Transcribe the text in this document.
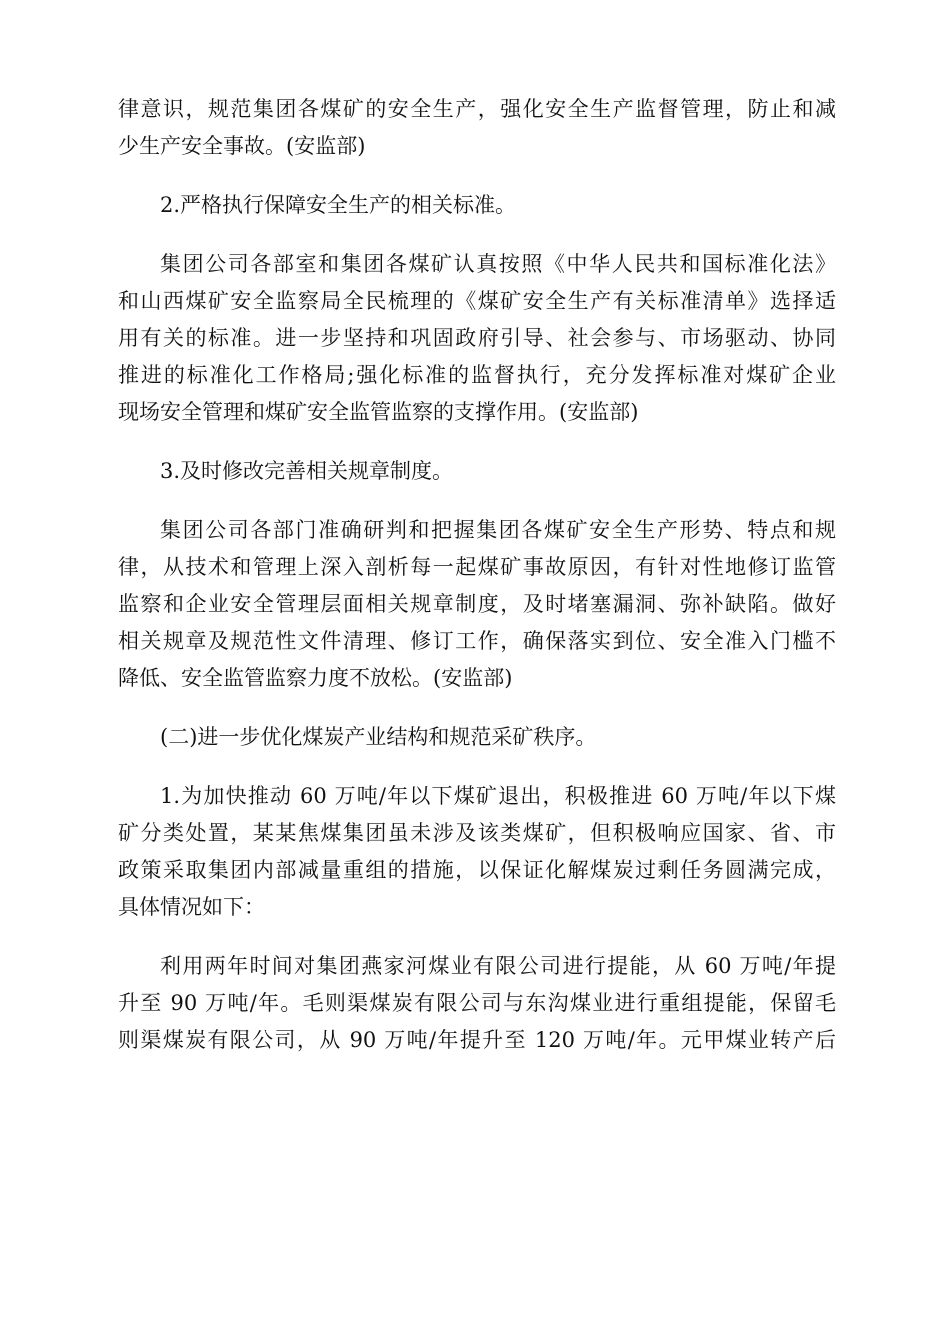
律意识，规范集团各煤矿的安全生产，强化安全生产监督管理，防止和减
少生产安全事故。(安监部)

2.严格执行保障安全生产的相关标准。

集团公司各部室和集团各煤矿认真按照《中华人民共和国标准化法》
和山西煤矿安全监察局全民梳理的《煤矿安全生产有关标准清单》选择适
用有关的标准。进一步坚持和巩固政府引导、社会参与、市场驱动、协同
推进的标准化工作格局;强化标准的监督执行，充分发挥标准对煤矿企业
现场安全管理和煤矿安全监管监察的支撑作用。(安监部)

3.及时修改完善相关规章制度。

集团公司各部门准确研判和把握集团各煤矿安全生产形势、特点和规
律，从技术和管理上深入剖析每一起煤矿事故原因，有针对性地修订监管
监察和企业安全管理层面相关规章制度，及时堵塞漏洞、弥补缺陷。做好
相关规章及规范性文件清理、修订工作，确保落实到位、安全准入门槛不
降低、安全监管监察力度不放松。(安监部)

(二)进一步优化煤炭产业结构和规范采矿秩序。

1.为加快推动 60 万吨/年以下煤矿退出，积极推进 60 万吨/年以下煤
矿分类处置，某某焦煤集团虽未涉及该类煤矿，但积极响应国家、省、市
政策采取集团内部减量重组的措施，以保证化解煤炭过剩任务圆满完成，
具体情况如下：

利用两年时间对集团燕家河煤业有限公司进行提能，从 60 万吨/年提
升至 90 万吨/年。毛则渠煤炭有限公司与东沟煤业进行重组提能，保留毛
则渠煤炭有限公司，从 90 万吨/年提升至 120 万吨/年。元甲煤业转产后
